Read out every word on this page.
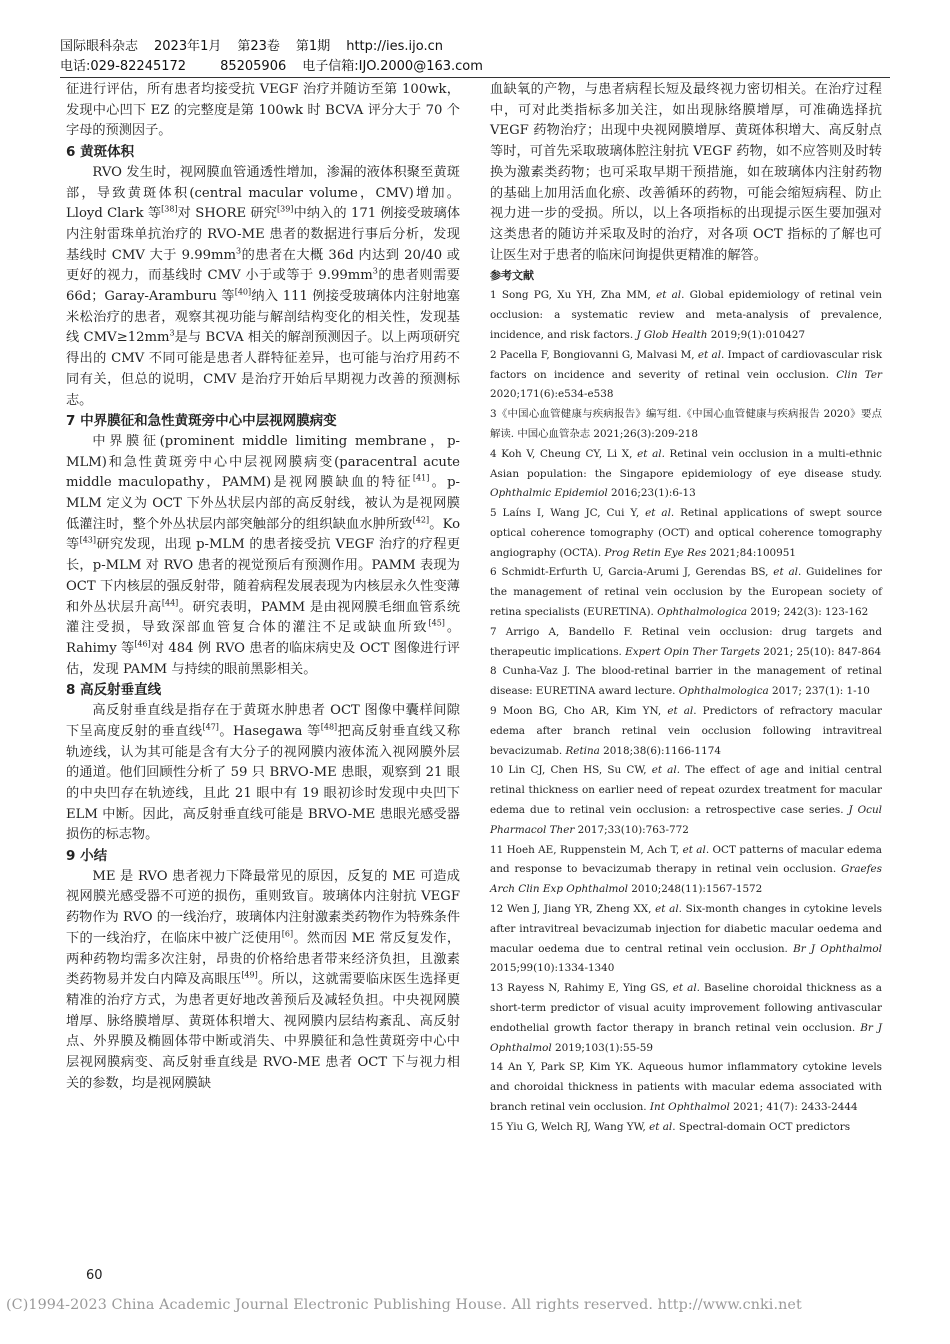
国际眼科杂志 2023年1月 第23卷 第1期 http://ies.ijo.cn
电话:029-82245172	85205906 电子信箱:IJO.2000@163.com

征进行评估，所有患者均接受抗 VEGF 治疗并随访至第 100wk，发现中心凹下 EZ 的完整度是第 100wk 时 BCVA 评分大于 70 个字母的预测因子。

6 黄斑体积

RVO 发生时，视网膜血管通透性增加，渗漏的液体积聚至黄斑部，导致黄斑体积(central macular volume，CMV)增加。Lloyd Clark 等[38]对 SHORE 研究[39]中纳入的 171 例接受玻璃体内注射雷珠单抗治疗的 RVO-ME 患者的数据进行事后分析，发现基线时 CMV 大于 $9.99mm^3$的患者在大概 36d 内达到 20/40 或更好的视力，而基线时 CMV 小于或等于 $9.99mm^3$的患者则需要 66d；Garay-Aramburu 等[40]纳入 111 例接受玻璃体内注射地塞米松治疗的患者，观察其视功能与解剖结构变化的相关性，发现基线 $CMV\ge 12mm^3$是与 BCVA 相关的解剖预测因子。以上两项研究得出的 CMV 不同可能是患者人群特征差异，也可能与治疗用药不同有关，但总的说明，CMV 是治疗开始后早期视力改善的预测标志。

7 中界膜征和急性黄斑旁中心中层视网膜病变

中界膜征(prominent middle limiting membrane，p-MLM)和急性黄斑旁中心中层视网膜病变(paracentral acute middle maculopathy，PAMM)是视网膜缺血的特征[41]。p-MLM 定义为 OCT 下外丛状层内部的高反射线，被认为是视网膜低灌注时，整个外丛状层内部突触部分的组织缺血水肿所致[42]。Ko 等[43]研究发现，出现 p-MLM 的患者接受抗 VEGF 治疗的疗程更长，p-MLM 对 RVO 患者的视觉预后有预测作用。PAMM 表现为 OCT 下内核层的强反射带，随着病程发展表现为内核层永久性变薄和外丛状层升高[44]。研究表明，PAMM 是由视网膜毛细血管系统灌注受损，导致深部血管复合体的灌注不足或缺血所致[45]。Rahimy 等[46]对 484 例 RVO 患者的临床病史及 OCT 图像进行评估，发现 PAMM 与持续的眼前黑影相关。

8 高反射垂直线

高反射垂直线是指存在于黄斑水肿患者 OCT 图像中囊样间隙下呈高度反射的垂直线[47]。Hasegawa 等[48]把高反射垂直线又称轨迹线，认为其可能是含有大分子的视网膜内液体流入视网膜外层的通道。他们回顾性分析了 59 只 BRVO-ME 患眼，观察到 21 眼的中央凹存在轨迹线，且此 21 眼中有 19 眼初诊时发现中央凹下 ELM 中断。因此，高反射垂直线可能是 BRVO-ME 患眼光感受器损伤的标志物。

9 小结

ME 是 RVO 患者视力下降最常见的原因，反复的 ME 可造成视网膜光感受器不可逆的损伤，重则致盲。玻璃体内注射抗 VEGF 药物作为 RVO 的一线治疗，玻璃体内注射激素类药物作为特殊条件下的一线治疗，在临床中被广泛使用[6]。然而因 ME 常反复发作，两种药物均需多次注射，昂贵的价格给患者带来经济负担，且激素类药物易并发白内障及高眼压[49]。所以，这就需要临床医生选择更精准的治疗方式，为患者更好地改善预后及减轻负担。中央视网膜增厚、脉络膜增厚、黄斑体积增大、视网膜内层结构紊乱、高反射点、外界膜及椭圆体带中断或消失、中界膜征和急性黄斑旁中心中层视网膜病变、高反射垂直线是 RVO-ME 患者 OCT 下与视力相关的参数，均是视网膜缺

血缺氧的产物，与患者病程长短及最终视力密切相关。在治疗过程中，可对此类指标多加关注，如出现脉络膜增厚，可准确选择抗 VEGF 药物治疗；出现中央视网膜增厚、黄斑体积增大、高反射点等时，可首先采取玻璃体腔注射抗 VEGF 药物，如不应答则及时转换为激素类药物；也可采取早期干预措施，如在玻璃体内注射药物的基础上加用活血化瘀、改善循环的药物，可能会缩短病程、防止视力进一步的受损。所以，以上各项指标的出现提示医生要加强对这类患者的随访并采取及时的治疗，对各项 OCT 指标的了解也可让医生对于患者的临床问询提供更精准的解答。

参考文献

1 Song PG, Xu YH, Zha MM, et al. Global epidemiology of retinal vein occlusion: a systematic review and meta-analysis of prevalence, incidence, and risk factors. J Glob Health 2019;9(1):010427

2 Pacella F, Bongiovanni G, Malvasi M, et al. Impact of cardiovascular risk factors on incidence and severity of retinal vein occlusion. Clin Ter 2020;171(6):e534-e538

3《中国心血管健康与疾病报告》编写组.《中国心血管健康与疾病报告 2020》要点解读. 中国心血管杂志 2021;26(3):209-218

4 Koh V, Cheung CY, Li X, et al. Retinal vein occlusion in a multi-ethnic Asian population: the Singapore epidemiology of eye disease study. Ophthalmic Epidemiol 2016;23(1):6-13

5 Laíns I, Wang JC, Cui Y, et al. Retinal applications of swept source optical coherence tomography (OCT) and optical coherence tomography angiography (OCTA). Prog Retin Eye Res 2021;84:100951

6 Schmidt-Erfurth U, Garcia-Arumi J, Gerendas BS, et al. Guidelines for the management of retinal vein occlusion by the European society of retina specialists (EURETINA). Ophthalmologica 2019; 242(3): 123-162

7 Arrigo A, Bandello F. Retinal vein occlusion: drug targets and therapeutic implications. Expert Opin Ther Targets 2021; 25(10): 847-864

8 Cunha-Vaz J. The blood-retinal barrier in the management of retinal disease: EURETINA award lecture. Ophthalmologica 2017; 237(1): 1-10

9 Moon BG, Cho AR, Kim YN, et al. Predictors of refractory macular edema after branch retinal vein occlusion following intravitreal bevacizumab. Retina 2018;38(6):1166-1174

10 Lin CJ, Chen HS, Su CW, et al. The effect of age and initial central retinal thickness on earlier need of repeat ozurdex treatment for macular edema due to retinal vein occlusion: a retrospective case series. J Ocul Pharmacol Ther 2017;33(10):763-772

11 Hoeh AE, Ruppenstein M, Ach T, et al. OCT patterns of macular edema and response to bevacizumab therapy in retinal vein occlusion. Graefes Arch Clin Exp Ophthalmol 2010;248(11):1567-1572

12 Wen J, Jiang YR, Zheng XX, et al. Six-month changes in cytokine levels after intravitreal bevacizumab injection for diabetic macular oedema and macular oedema due to central retinal vein occlusion. Br J Ophthalmol 2015;99(10):1334-1340

13 Rayess N, Rahimy E, Ying GS, et al. Baseline choroidal thickness as a short-term predictor of visual acuity improvement following antivascular endothelial growth factor therapy in branch retinal vein occlusion. Br J Ophthalmol 2019;103(1):55-59

14 An Y, Park SP, Kim YK. Aqueous humor inflammatory cytokine levels and choroidal thickness in patients with macular edema associated with branch retinal vein occlusion. Int Ophthalmol 2021; 41(7): 2433-2444

15 Yiu G, Welch RJ, Wang YW, et al. Spectral-domain OCT predictors

60
(C)1994-2023 China Academic Journal Electronic Publishing House. All rights reserved. http://www.cnki.net
